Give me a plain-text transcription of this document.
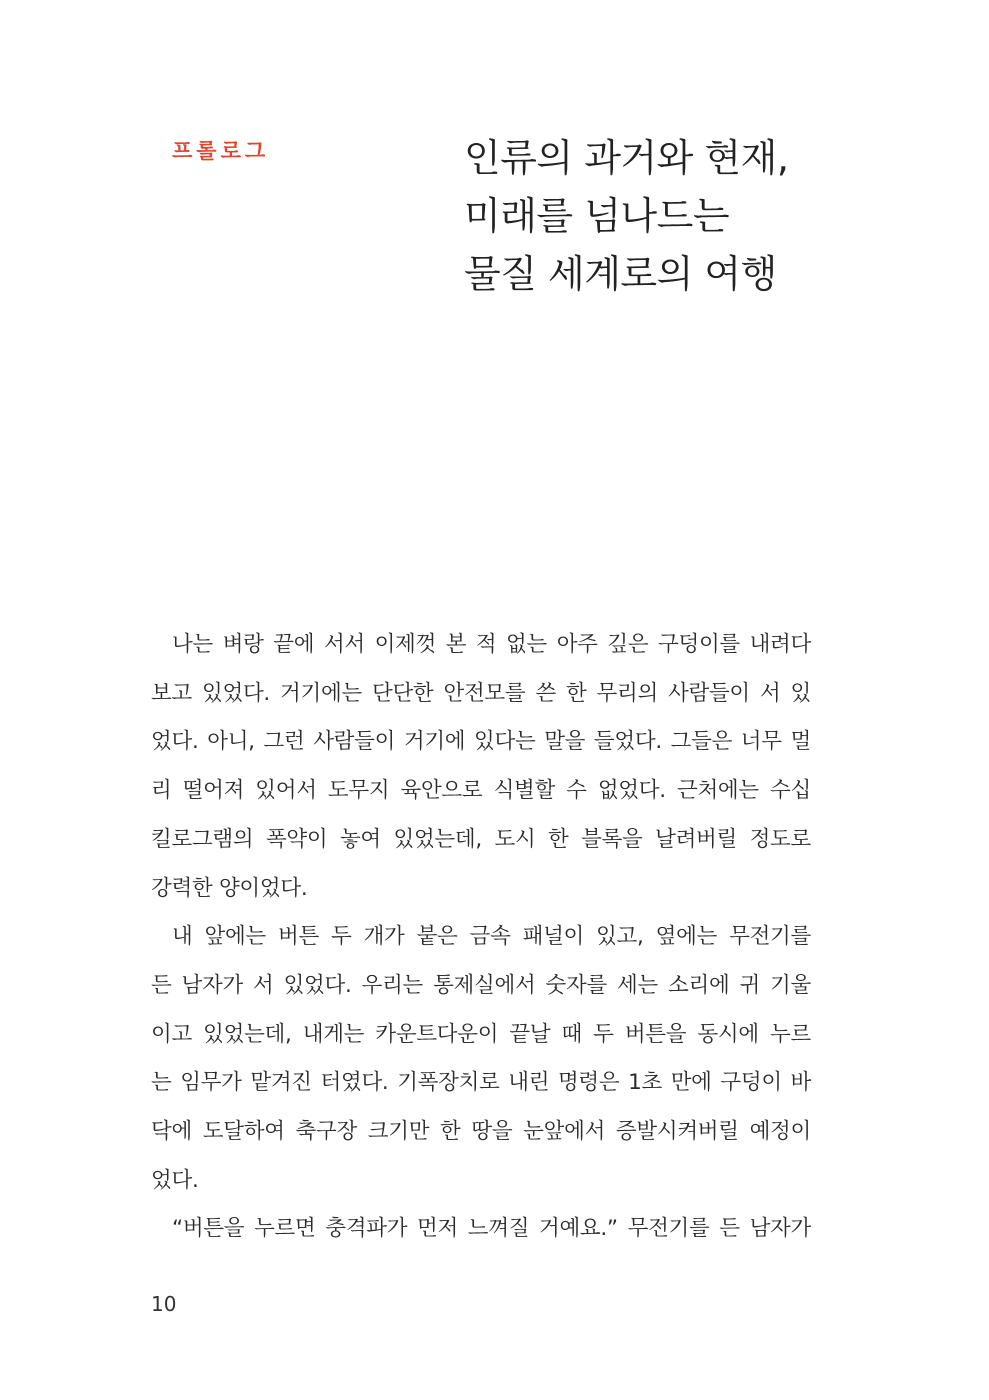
프롤로그	인류의 과거와 현재,
미래를 넘나드는
물질 세계로의 여행
나는 벼랑 끝에 서서 이제껏 본 적 없는 아주 깊은 구덩이를 내려다
보고 있었다. 거기에는 단단한 안전모를 쓴 한 무리의 사람들이 서 있
었다. 아니, 그런 사람들이 거기에 있다는 말을 들었다. 그들은 너무 멀
리 떨어져 있어서 도무지 육안으로 식별할 수 없었다. 근처에는 수십
킬로그램의 폭약이 놓여 있었는데, 도시 한 블록을 날려버릴 정도로
강력한 양이었다.
내 앞에는 버튼 두 개가 붙은 금속 패널이 있고, 옆에는 무전기를
든 남자가 서 있었다. 우리는 통제실에서 숫자를 세는 소리에 귀 기울
이고 있었는데, 내게는 카운트다운이 끝날 때 두 버튼을 동시에 누르
는 임무가 맡겨진 터였다. 기폭장치로 내린 명령은 1초 만에 구덩이 바
닥에 도달하여 축구장 크기만 한 땅을 눈앞에서 증발시켜버릴 예정이
었다.
“버튼을 누르면 충격파가 먼저 느껴질 거예요.” 무전기를 든 남자가
10
